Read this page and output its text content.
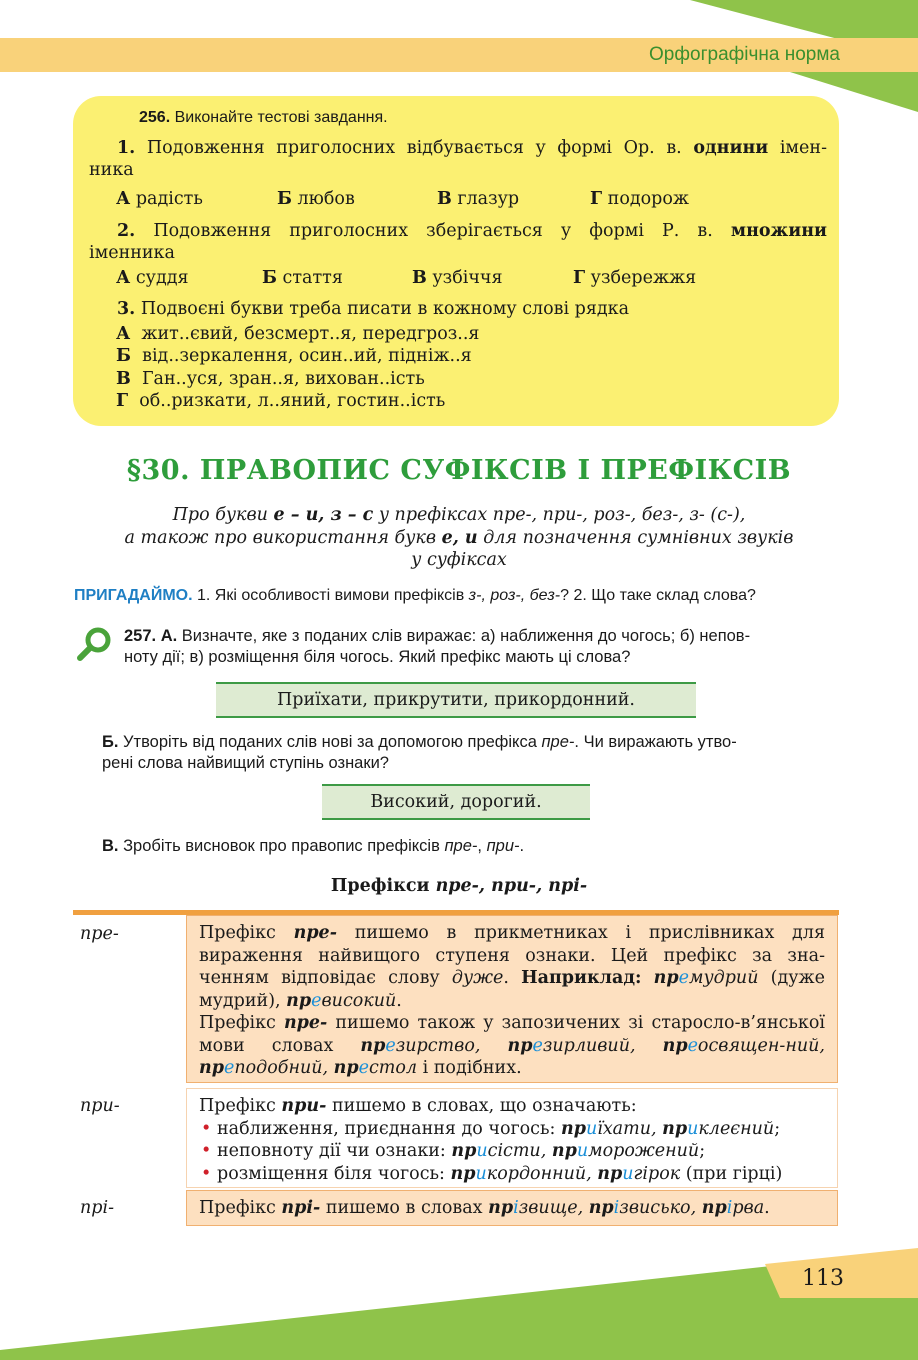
Орфографічна норма
256. Виконайте тестові завдання.
1. Подовження приголосних відбувається у формі Ор. в. однини імен-
ника
А радість	Б любов	В глазур	Г подорож
2. Подовження приголосних зберігається у формі Р. в. множини
іменника
А суддя	Б стаття	В узбіччя	Г узбережжя
3. Подвоєні букви треба писати в кожному слові рядка
А жит..євий, безсмерт..я, передгроз..я
Б від..зеркалення, осин..ий, підніж..я
В Ган..уся, зран..я, вихован..ість
Г об..ризкати, л..яний, гостин..ість
§30. ПРАВОПИС СУФІКСІВ І ПРЕФІКСІВ
Про букви е – и, з – с у префіксах пре-, при-, роз-, без-, з- (с-),
а також про використання букв е, и для позначення сумнівних звуків
у суфіксах
ПРИГАДАЙМО. 1. Які особливості вимови префіксів з-, роз-, без-? 2. Що таке склад слова?
257. А. Визначте, яке з поданих слів виражає: а) наближення до чогось; б) непов-
ноту дії; в) розміщення біля чогось. Який префікс мають ці слова?
Приїхати, прикрутити, прикордонний.
Б. Утворіть від поданих слів нові за допомогою префікса пре-. Чи виражають утво-
рені слова найвищий ступінь ознаки?
Високий, дорогий.
В. Зробіть висновок про правопис префіксів пре-, при-.
Префікси пре-, при-, прі-
пре-	Префікс пре- пишемо в прикметниках і прислівниках для вираження найвищого ступеня ознаки. Цей префікс за зна-ченням відповідає слову дуже. Наприклад: премудрий (дуже мудрий), превисокий.

Префікс пре- пишемо також у запозичених зі старосло-в’янської мови словах презирство, презирливий, преосвящен-ний, преподобний, престол і подібних.

при-	Префікс при- пишемо в словах, що означають:

• наближення, приєднання до чогось: приїхати, приклеєний;
• неповноту дії чи ознаки: присісти, приморожений;
• розміщення біля чогось: прикордонний, пригірок (при гірці)
прі-	Префікс прі- пишемо в словах прізвище, прізвисько, прірва.

113
